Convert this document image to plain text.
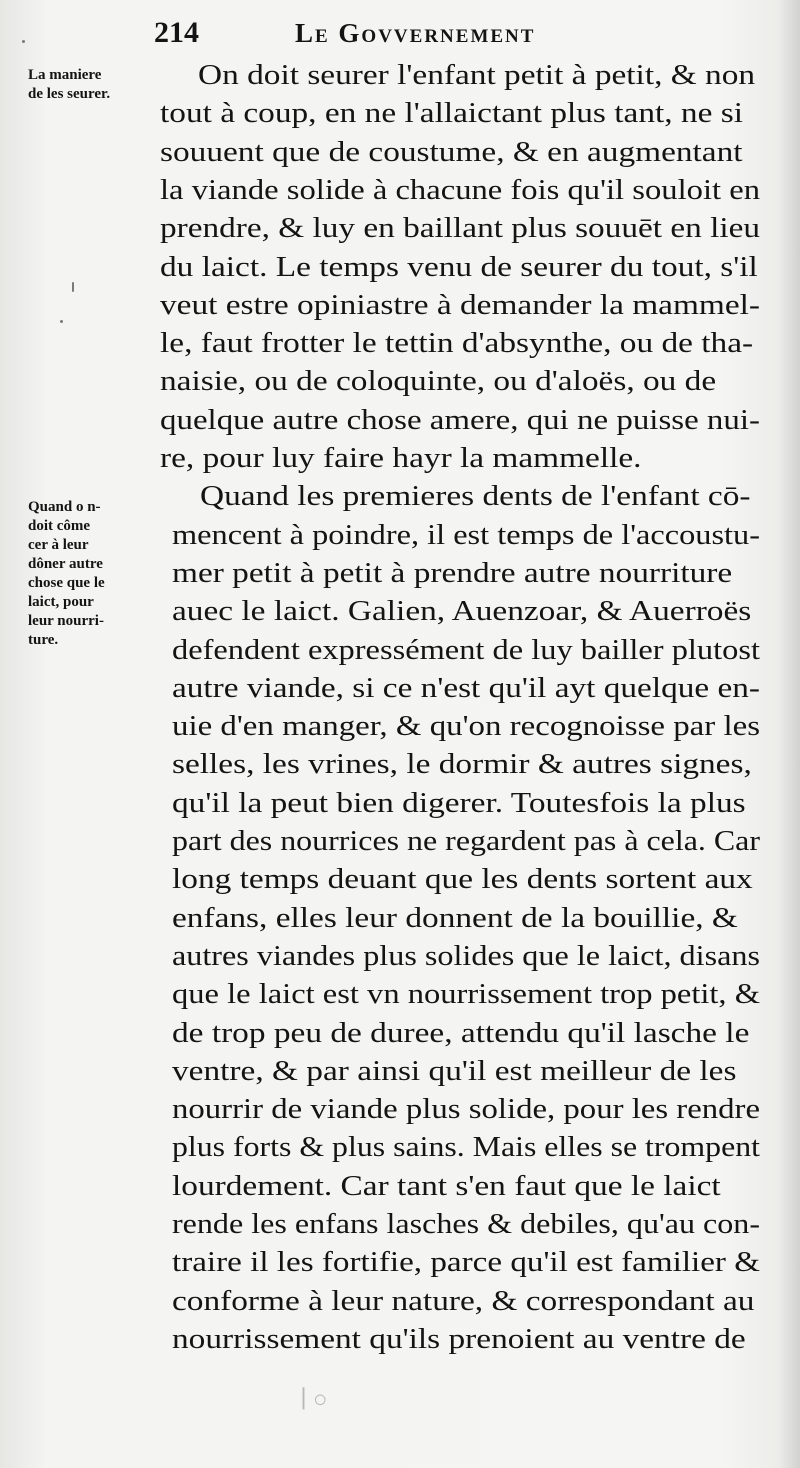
214	Le Govvernement
La maniere
de les seurer.
Quand o n-
doit côme
cer à leur
dôner autre
chose que le
laict, pour
leur nourri-
ture.
On doit seurer l'enfant petit à petit, & non
tout à coup, en ne l'allaictant plus tant, ne si
souuent que de coustume, & en augmentant
la viande solide à chacune fois qu'il souloit en
prendre, & luy en baillant plus souuēt en lieu
du laict. Le temps venu de seurer du tout, s'il
veut estre opiniastre à demander la mammel-
le, faut frotter le tettin d'absynthe, ou de tha-
naisie, ou de coloquinte, ou d'aloës, ou de
quelque autre chose amere, qui ne puisse nui-
re, pour luy faire hayr la mammelle.
Quand les premieres dents de l'enfant cō-
mencent à poindre, il est temps de l'accoustu-
mer petit à petit à prendre autre nourriture
auec le laict. Galien, Auenzoar, & Auerroës
defendent expressément de luy bailler plutost
autre viande, si ce n'est qu'il ayt quelque en-
uie d'en manger, & qu'on recognoisse par les
selles, les vrines, le dormir & autres signes,
qu'il la peut bien digerer. Toutesfois la plus
part des nourrices ne regardent pas à cela. Car
long temps deuant que les dents sortent aux
enfans, elles leur donnent de la bouillie, &
autres viandes plus solides que le laict, disans
que le laict est vn nourrissement trop petit, &
de trop peu de duree, attendu qu'il lasche le
ventre, & par ainsi qu'il est meilleur de les
nourrir de viande plus solide, pour les rendre
plus forts & plus sains. Mais elles se trompent
lourdement. Car tant s'en faut que le laict
rende les enfans lasches & debiles, qu'au con-
traire il les fortifie, parce qu'il est familier &
conforme à leur nature, & correspondant au
nourrissement qu'ils prenoient au ventre de
∣ ○
